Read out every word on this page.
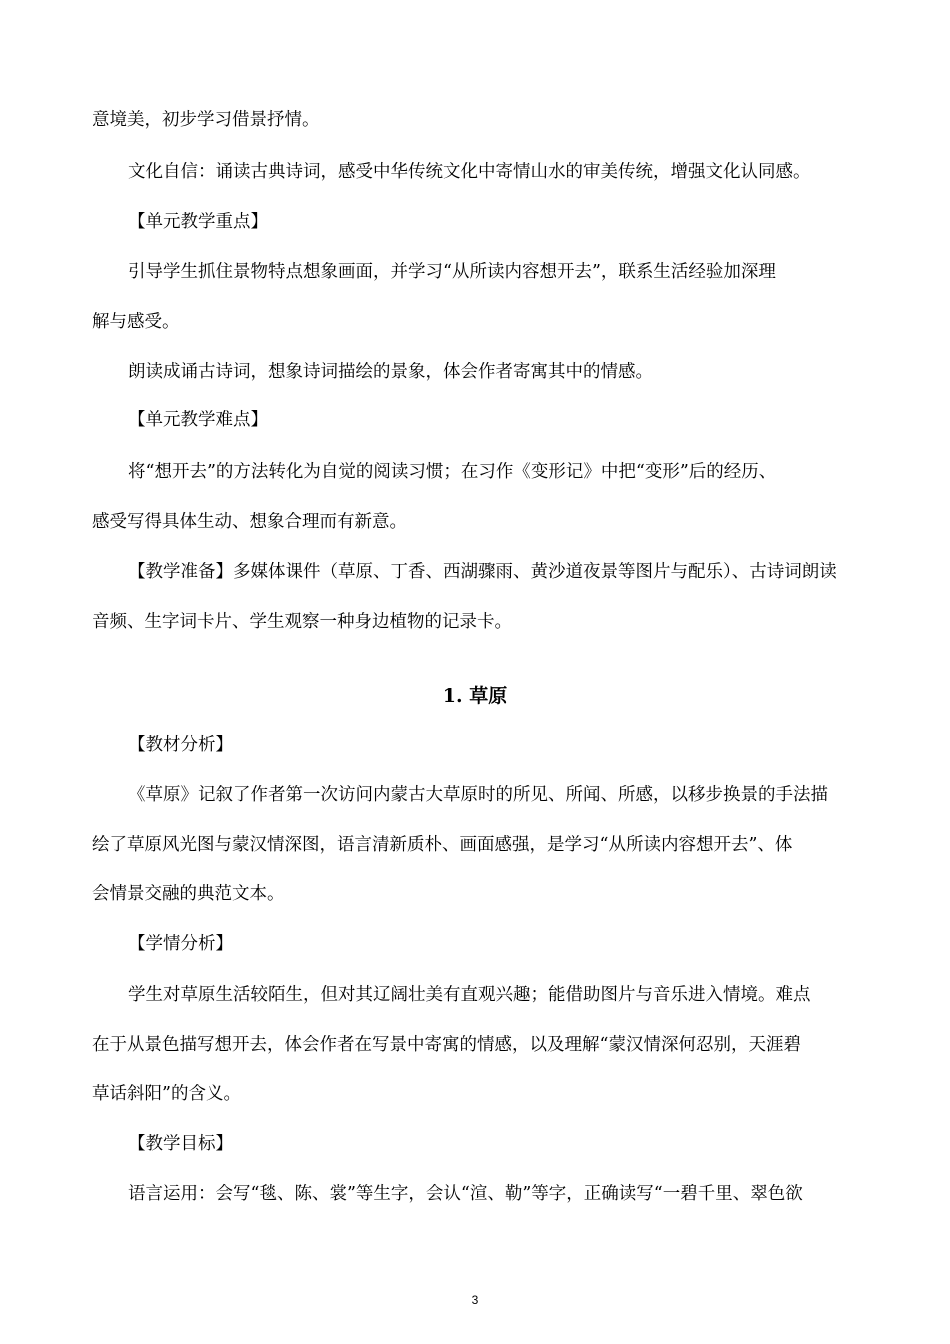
意境美，初步学习借景抒情。
文化自信：诵读古典诗词，感受中华传统文化中寄情山水的审美传统，增强文化认同感。
【单元教学重点】
引导学生抓住景物特点想象画面，并学习“从所读内容想开去”，联系生活经验加深理
解与感受。
朗读成诵古诗词，想象诗词描绘的景象，体会作者寄寓其中的情感。
【单元教学难点】
将“想开去”的方法转化为自觉的阅读习惯；在习作《变形记》中把“变形”后的经历、
感受写得具体生动、想象合理而有新意。
【教学准备】多媒体课件（草原、丁香、西湖骤雨、黄沙道夜景等图片与配乐）、古诗词朗读
音频、生字词卡片、学生观察一种身边植物的记录卡。
1. 草原
【教材分析】
《草原》记叙了作者第一次访问内蒙古大草原时的所见、所闻、所感，以移步换景的手法描
绘了草原风光图与蒙汉情深图，语言清新质朴、画面感强，是学习“从所读内容想开去”、体
会情景交融的典范文本。
【学情分析】
学生对草原生活较陌生，但对其辽阔壮美有直观兴趣；能借助图片与音乐进入情境。难点
在于从景色描写想开去，体会作者在写景中寄寓的情感，以及理解“蒙汉情深何忍别，天涯碧
草话斜阳”的含义。
【教学目标】
语言运用：会写“毯、陈、裳”等生字，会认“渲、勒”等字，正确读写“一碧千里、翠色欲
3
